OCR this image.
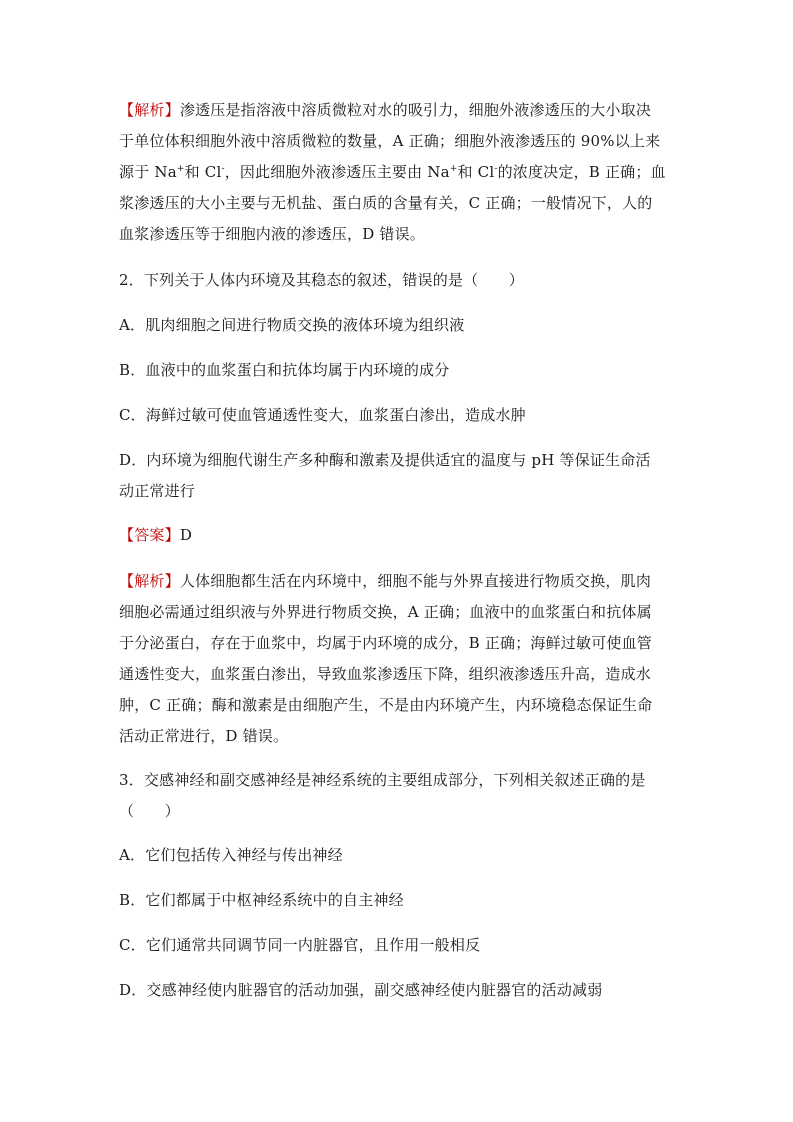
【解析】渗透压是指溶液中溶质微粒对水的吸引力，细胞外液渗透压的大小取决
于单位体积细胞外液中溶质微粒的数量，A 正确；细胞外液渗透压的 90%以上来
源于 Na+和 Cl-，因此细胞外液渗透压主要由 Na+和 Cl-的浓度决定，B 正确；血
浆渗透压的大小主要与无机盐、蛋白质的含量有关，C 正确；一般情况下，人的
血浆渗透压等于细胞内液的渗透压，D 错误。
2．下列关于人体内环境及其稳态的叙述，错误的是（　　）
A．肌肉细胞之间进行物质交换的液体环境为组织液
B．血液中的血浆蛋白和抗体均属于内环境的成分
C．海鲜过敏可使血管通透性变大，血浆蛋白渗出，造成水肿
D．内环境为细胞代谢生产多种酶和激素及提供适宜的温度与 pH 等保证生命活
动正常进行
【答案】D
【解析】人体细胞都生活在内环境中，细胞不能与外界直接进行物质交换，肌肉
细胞必需通过组织液与外界进行物质交换，A 正确；血液中的血浆蛋白和抗体属
于分泌蛋白，存在于血浆中，均属于内环境的成分，B 正确；海鲜过敏可使血管
通透性变大，血浆蛋白渗出，导致血浆渗透压下降，组织液渗透压升高，造成水
肿，C 正确；酶和激素是由细胞产生，不是由内环境产生，内环境稳态保证生命
活动正常进行，D 错误。
3．交感神经和副交感神经是神经系统的主要组成部分，下列相关叙述正确的是
（　　）
A．它们包括传入神经与传出神经
B．它们都属于中枢神经系统中的自主神经
C．它们通常共同调节同一内脏器官，且作用一般相反
D．交感神经使内脏器官的活动加强，副交感神经使内脏器官的活动减弱
